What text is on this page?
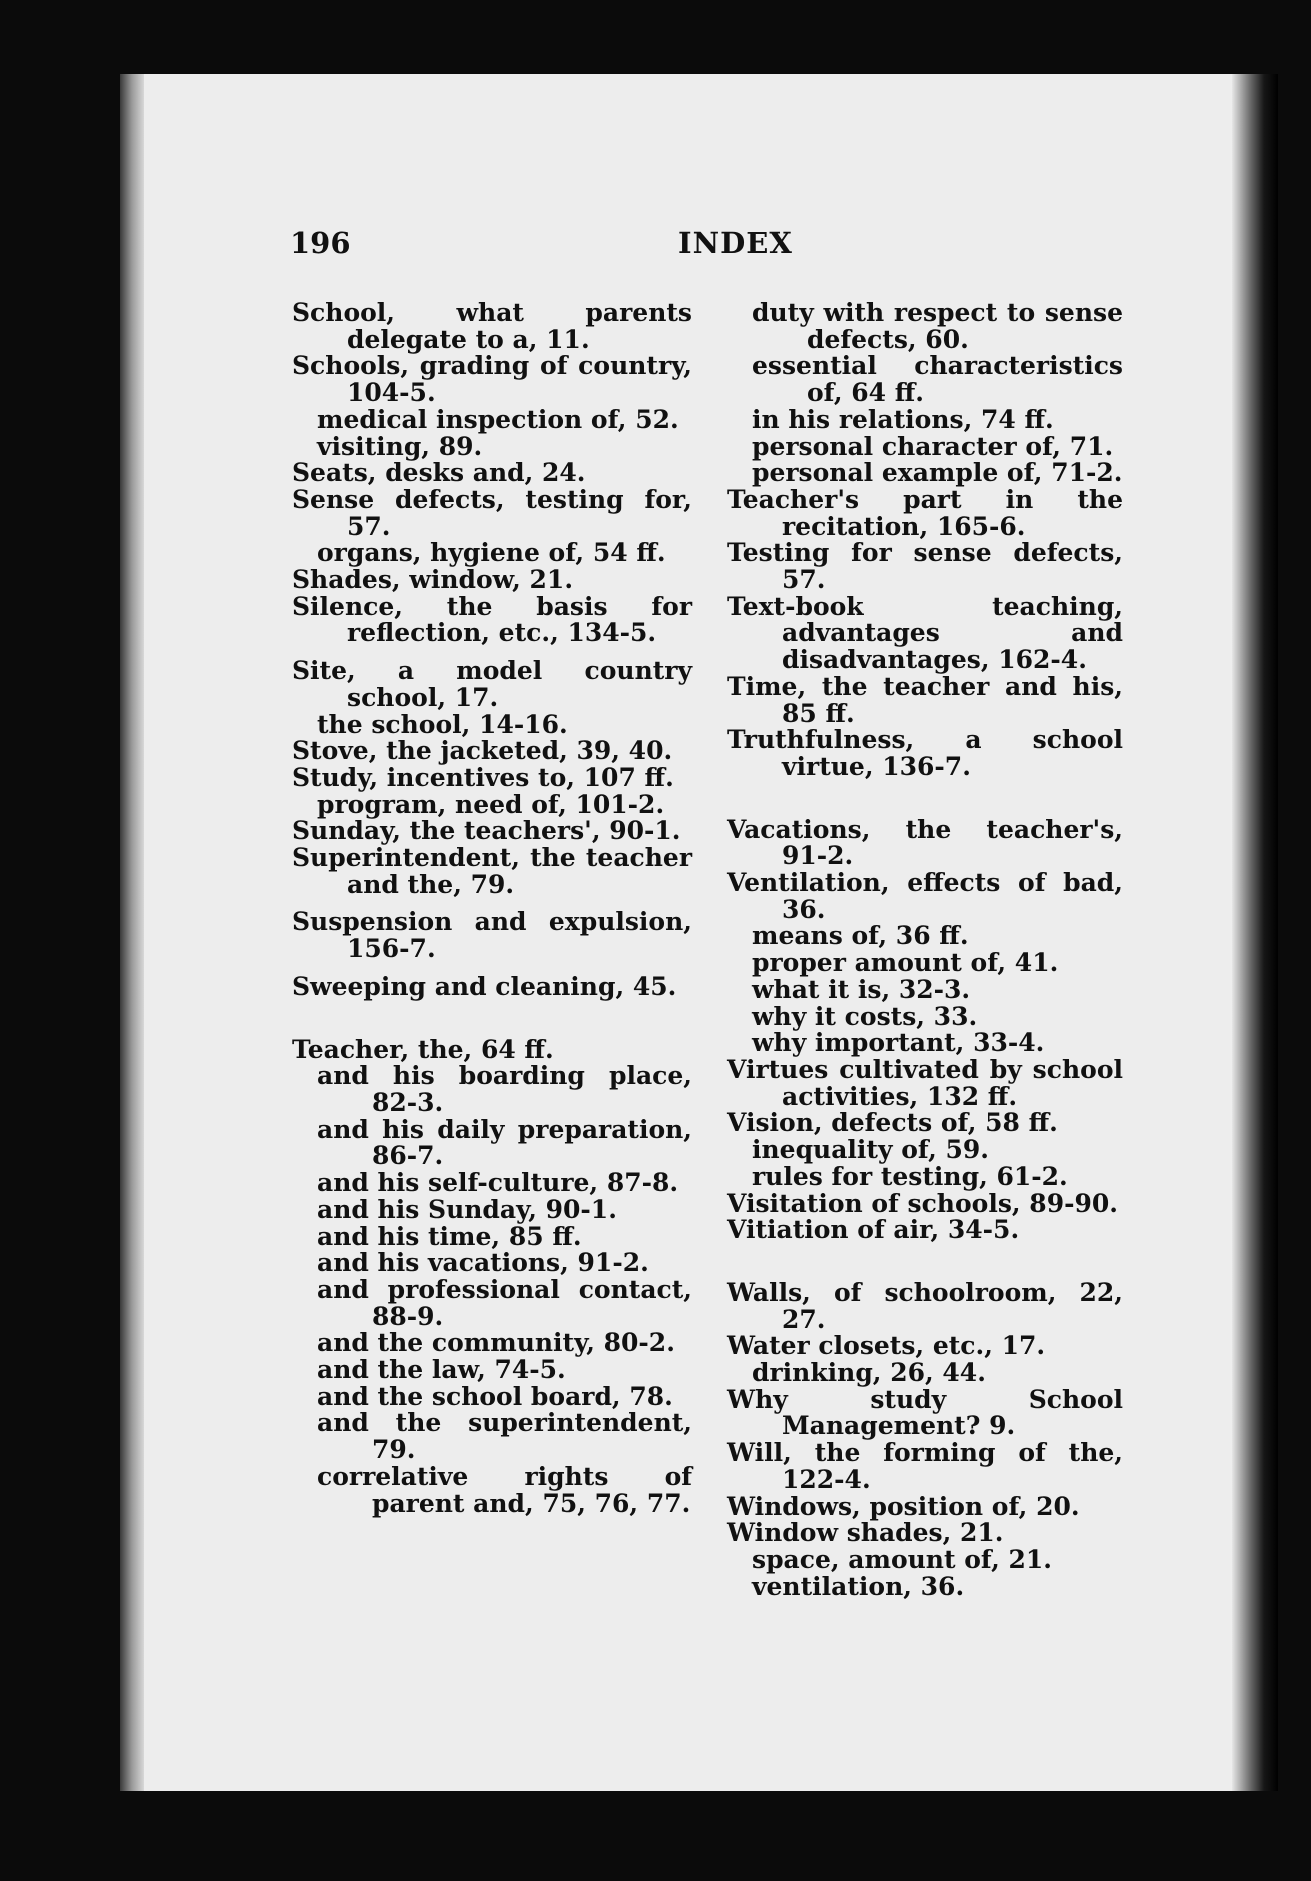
196	INDEX
School, what parents delegate to a, 11.
Schools, grading of country, 104-5.
medical inspection of, 52.
visiting, 89.
Seats, desks and, 24.
Sense defects, testing for, 57.
organs, hygiene of, 54 ff.
Shades, window, 21.
Silence, the basis for reflection, etc., 134-5.
Site, a model country school, 17.
the school, 14-16.
Stove, the jacketed, 39, 40.
Study, incentives to, 107 ff.
program, need of, 101-2.
Sunday, the teachers', 90-1.
Superintendent, the teacher and the, 79.
Suspension and expulsion, 156-7.
Sweeping and cleaning, 45.
Teacher, the, 64 ff.
and his boarding place, 82-3.
and his daily preparation, 86-7.
and his self-culture, 87-8.
and his Sunday, 90-1.
and his time, 85 ff.
and his vacations, 91-2.
and professional contact, 88-9.
and the community, 80-2.
and the law, 74-5.
and the school board, 78.
and the superintendent, 79.
correlative rights of parent and, 75, 76, 77.
duty with respect to sense defects, 60.
essential characteristics of, 64 ff.
in his relations, 74 ff.
personal character of, 71.
personal example of, 71-2.
Teacher's part in the recitation, 165-6.
Testing for sense defects, 57.
Text-book teaching, advantages and disadvantages, 162-4.
Time, the teacher and his, 85 ff.
Truthfulness, a school virtue, 136-7.
Vacations, the teacher's, 91-2.
Ventilation, effects of bad, 36.
means of, 36 ff.
proper amount of, 41.
what it is, 32-3.
why it costs, 33.
why important, 33-4.
Virtues cultivated by school activities, 132 ff.
Vision, defects of, 58 ff.
inequality of, 59.
rules for testing, 61-2.
Visitation of schools, 89-90.
Vitiation of air, 34-5.
Walls, of schoolroom, 22, 27.
Water closets, etc., 17.
drinking, 26, 44.
Why study School Management? 9.
Will, the forming of the, 122-4.
Windows, position of, 20.
Window shades, 21.
space, amount of, 21.
ventilation, 36.
